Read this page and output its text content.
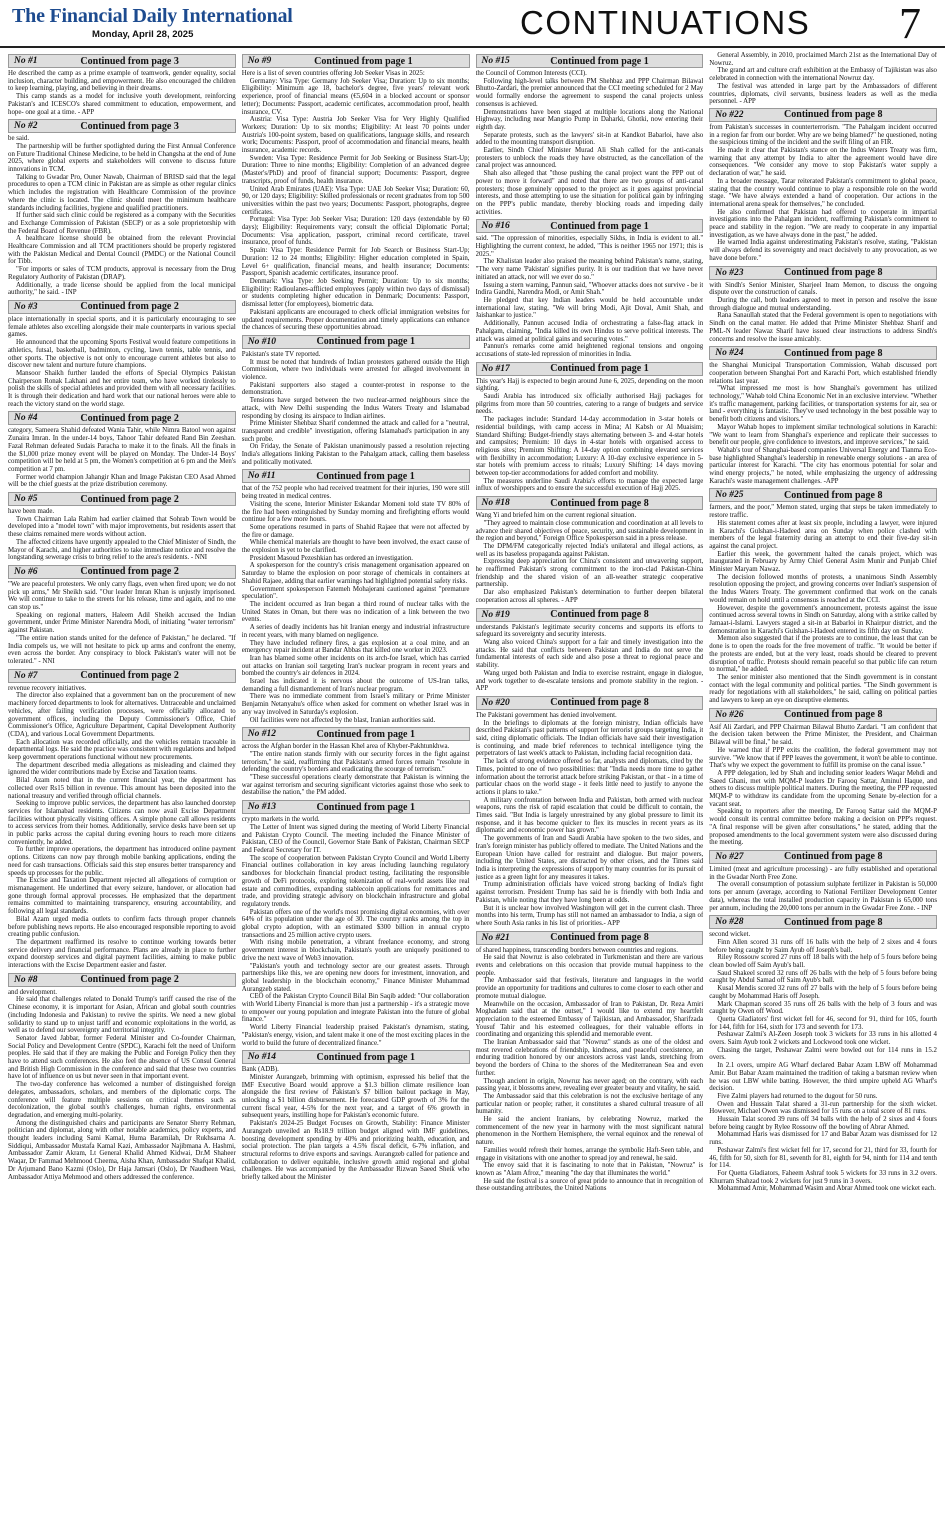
The Financial Daily International
Monday, April 28, 2025	CONTINUATIONS 7
No #1	Continued from page 3

He described the camp as a prime example of teamwork, gender equality, social inclusion, character building, and empowerment. He also encouraged the children to keep learning, playing, and believing in their dreams.

This camp stands as a model for inclusive youth development, reinforcing Pakistan's and ICESCO's shared commitment to education, empowerment, and hope- one goal at a time. - APP

No #2	Continued from page 3

be said.

The partnership will be further spotlighted during the First Annual Conference on Future Traditional Chinese Medicine, to be held in Changsha at the end of June 2025, where global experts and stakeholders will convene to discuss future innovations in TCM.

Talking to Gwadar Pro, Ouner Nawab, Chairman of BRISD said that the legal procedures to open a TCM clinic in Pakistan are as simple as other regular clinics which includes the registration with Healthcare Commission of the province where the clinic is located. The clinic should meet the minimum healthcare standards including facilities, hygiene and qualified practitioners.

If further said such clinic could be registered as a company with the Securities and Exchange Commission of Pakistan (SECP) or as a sole proprietorship with the Federal Board of Revenue (FBR).

A healthcare license should be obtained from the relevant Provincial Healthcare Commission and all TCM practitioners should be properly registered with the Pakistan Medical and Dental Council (PMDC) or the National Council for Tibb.

"For imports or sales of TCM products, approval is necessary from the Drug Regulatory Authority of Pakistan (DRAP).

Additionally, a trade license should be applied from the local municipal authority," he said. - INP

No #3	Continued from page 2

place internationally in special sports, and it is particularly encouraging to see female athletes also excelling alongside their male counterparts in various special games.

He announced that the upcoming Sports Festival would feature competitions in athletics, futsal, basketball, badminton, cycling, lawn tennis, table tennis, and other sports. The objective is not only to encourage current athletes but also to discover new talent and nurture future champions.

Mansoor Shaikh further lauded the efforts of Special Olympics Pakistan Chairperson Ronak Lakhani and her entire team, who have worked tirelessly to polish the skills of special athletes and provided them with all necessary facilities. It is through their dedication and hard work that our national heroes were able to reach the victory stand on the world stage.

No #4	Continued from page 2

category, Sameera Shahid defeated Wania Tahir, while Nimra Batool won against Zunaira Imran. In the under-14 boys, Tahoor Tahir defeated Rand Bin Zeeshan. Fazal Rehman defeated Sudais Paracha to make it to the finals. All the finals in the $1,000 prize money event will be played on Monday. The Under-14 Boys' competition will be held at 5 pm, the Women's competition at 6 pm and the Men's competition at 7 pm.

Former world champion Jahangir Khan and Image Pakistan CEO Asad Ahmed will be the chief guests at the prize distribution ceremony.

No #5	Continued from page 2

have been made.

Town Chairman Lala Rahim had earlier claimed that Sohrab Town would be developed into a "model town" with major improvements, but residents assert that these claims remained mere words without action.

The affected citizens have urgently appealed to the Chief Minister of Sindh, the Mayor of Karachi, and higher authorities to take immediate notice and resolve the longstanding sewerage crisis to bring relief to the area's residents. - NNI

No #6	Continued from page 2

"We are peaceful protesters. We only carry flags, even when fired upon; we do not pick up arms," Mr Sheikh said. "Our leader Imran Khan is unjustly imprisoned. We will continue to take to the streets for his release, time and again, and no one can stop us."

Speaking on regional matters, Haleem Adil Sheikh accused the Indian government, under Prime Minister Narendra Modi, of initiating "water terrorism" against Pakistan.

"The entire nation stands united for the defence of Pakistan," he declared. "If India compels us, we will not hesitate to pick up arms and confront the enemy, even across the border. Any conspiracy to block Pakistan's water will not be tolerated." - NNI

No #7	Continued from page 2

revenue recovery initiatives.

The director also explained that a government ban on the procurement of new machinery forced departments to look for alternatives. Untraceable and unclaimed vehicles, after failing verification processes, were officially allocated to government offices, including the Deputy Commissioner's Office, Chief Commissioner's Office, Agriculture Department, Capital Development Authority (CDA), and various Local Government Departments.

Each allocation was recorded officially, and the vehicles remain traceable in departmental logs. He said the practice was consistent with regulations and helped keep government operations functional without new procurements.

The department described media allegations as misleading and claimed they ignored the wider contributions made by Excise and Taxation teams.

Bilal Azam noted that in the current financial year, the department has collected over Rs15 billion in revenue. This amount has been deposited into the national treasury and verified through official channels.

Seeking to improve public services, the department has also launched doorstep services for Islamabad residents. Citizens can now avail Excise Department facilities without physically visiting offices. A simple phone call allows residents to access services from their homes. Additionally, service desks have been set up in public parks across the capital during evening hours to reach more citizens conveniently, he added.

To further improve operations, the department has introduced online payment options. Citizens can now pay through mobile banking applications, ending the need for cash transactions. Officials said this step ensures better transparency and speeds up processes for the public.

The Excise and Taxation Department rejected all allegations of corruption or mismanagement. He underlined that every seizure, handover, or allocation had gone through formal approval processes. He emphasized that the department remains committed to maintaining transparency, ensuring accountability, and following all legal standards.

Bilal Azam urged media outlets to confirm facts through proper channels before publishing news reports. He also encouraged responsible reporting to avoid creating public confusion.

The department reaffirmed its resolve to continue working towards better service delivery and financial performance. Plans are already in place to further expand doorstep services and digital payment facilities, aiming to make public interactions with the Excise Department easier and faster.

No #8	Continued from page 2

and development.

He said that challenges related to Donald Trump's tariff caused the rise of the Chinese economy, it is important for Asian, African and global south countries (including Indonesia and Pakistan) to revive the spirits. We need a new global solidarity to stand up to unjust tariff and economic exploitations in the world, as well as to defend our sovereignty and territorial integrity.

Senator Javed Jabbar, former Federal Minister and Co-founder Chairman, Social Policy and Development Centre (SPDC), Karachi felt the need of Uniform peoples. He said that if they are making the Public and Foreign Policy then they have to attend such conferences. He also feel the absence of US Consul General and British High Commission in the conference and said that these two countries have lot of influence on us but never seen in that important event.

The two-day conference has welcomed a number of distinguished foreign delegates, ambassadors, scholars, and members of the diplomatic corps. The conference will feature multiple sessions on critical themes such as decolonization, the global south's challenges, human rights, environmental degradation, and emerging multi-polarity.

Among the distinguished chairs and participants are Senator Sherry Rehman, politician and diplomat, along with other notable academics, policy experts, and thought leaders including Sami Kamal, Huma Baramilah, Dr Rukhsarna A. Siddiqui, Ambassador Mustafa Kamal Kazi, Ambassador Najibmana A. Hashmi, Ambassador Zamir Akram, Lt General Khalid Ahmed Kidwai, Dr.M Shaheer Waqar, Dr Fammad Mehmood Cheema, Aisha Khan, Ambassador Shafqat Khalid, Dr Arjumand Bano Kazmi (Oslo), Dr Haja Jamsari (Oslo), Dr Naudheen Wasi, Ambassador Attiya Mehmood and others addressed the conference.

No #9	Continued from page 1

Here is a list of seven countries offering Job Seeker Visas in 2025:

Germany: Visa Type: Germany Job Seeker Visa; Duration: Up to six months; Eligibility: Minimum age 18, bachelor's degree, five years' relevant work experience, proof of financial means (€5,604 in a blocked account or sponsor letter); Documents: Passport, academic certificates, accommodation proof, health insurance, CV.

Austria: Visa Type: Austria Job Seeker Visa for Very Highly Qualified Workers; Duration: Up to six months; Eligibility: At least 70 points under Austria's 100-point system, based on qualifications, language skills, and research work; Documents: Passport, proof of accommodation and financial means, health insurance, academic records.

Sweden: Visa Type: Residence Permit for Job Seeking or Business Start-Up; Duration: Three to nine months; Eligibility: Completion of an advanced degree (Master's/PhD) and proof of financial support; Documents: Passport, degree transcripts, proof of funds, health insurance.

United Arab Emirates (UAE): Visa Type: UAE Job Seeker Visa; Duration: 60, 90, or 120 days; Eligibility: Skilled professionals or recent graduates from top 500 universities within the past two years; Documents: Passport, photographs, degree certificates.

Portugal: Visa Type: Job Seeker Visa; Duration: 120 days (extendable by 60 days); Eligibility: Requirements vary; consult the official Diplomatic Portal; Documents: Visa application, passport, criminal record certificate, travel insurance, proof of funds.

Spain: Visa Type: Residence Permit for Job Search or Business Start-Up; Duration: 12 to 24 months; Eligibility: Higher education completed in Spain, Level 6+ qualification, financial means, and health insurance; Documents: Passport, Spanish academic certificates, insurance proof.

Denmark: Visa Type: Job Seeking Permit; Duration: Up to six months; Eligibility: Radioulanes-afflicted employees (apply within two days of dismissal) or students completing higher education in Denmark; Documents: Passport, dismissal letter (for employees), biometric data.

Pakistani applicants are encouraged to check official immigration websites for updated requirements. Proper documentation and timely applications can enhance the chances of securing these opportunities abroad.

No #10	Continued from page 1

Pakistan's state TV reported.

It must be noted that hundreds of Indian protesters gathered outside the High Commission, where two individuals were arrested for alleged involvement in violence.

Pakistani supporters also staged a counter-protest in response to the demonstration.

Tensions have surged between the two nuclear-armed neighbours since the attack, with New Delhi suspending the Indus Waters Treaty and Islamabad responding by closing its airspace to Indian airlines.

Prime Minister Shehbaz Sharif condemned the attack and called for a "neutral, transparent and credible" investigation, offering Islamabad's participation in any such probe.

On Friday, the Senate of Pakistan unanimously passed a resolution rejecting India's allegations linking Pakistan to the Pahalgam attack, calling them baseless and politically motivated.

No #11	Continued from page 1

that of the 752 people who had received treatment for their injuries, 190 were still being treated in medical centres.

Visiting the scene, Interior Minister Eskandar Momeni told state TV 80% of the fire had been extinguished by Sunday morning and firefighting efforts would continue for a few more hours.

Some operations resumed in parts of Shahid Rajaee that were not affected by the fire or damage.

While chemical materials are thought to have been involved, the exact cause of the explosion is yet to be clarified.

President Masoud Pezeshkian has ordered an investigation.

A spokesperson for the country's crisis management organisation appeared on Saturday to blame the explosion on poor storage of chemicals in containers at Shahid Rajaee, adding that earlier warnings had highlighted potential safety risks.

Government spokesperson Fatemeh Mohajerani cautioned against "premature speculation".

The incident occurred as Iran began a third round of nuclear talks with the United States in Oman, but there was no indication of a link between the two events.

A series of deadly incidents has hit Iranian energy and industrial infrastructure in recent years, with many blamed on negligence.

They have included refinery fires, a gas explosion at a coal mine, and an emergency repair incident at Bandar Abbas that killed one worker in 2023.

Iran has blamed some other incidents on its arch-foe Israel, which has carried out attacks on Iranian soil targeting Iran's nuclear program in recent years and bombed the country's air defences in 2024.

Israel has indicated it is nervous about the outcome of US-Iran talks, demanding a full dismantlement of Iran's nuclear program.

There was no immediate comment from Israel's military or Prime Minister Benjamin Netanyahu's office when asked for comment on whether Israel was in any way involved in Saturday's explosion.

Oil facilities were not affected by the blast, Iranian authorities said.

No #12	Continued from page 1

across the Afghan border in the Hassan Khel area of Khyber-Pakhtunkhwa.

"The entire nation stands firmly with our security forces in the fight against terrorism," he said, reaffirming that Pakistan's armed forces remain "resolute in defending the country's borders and eradicating the scourge of terrorism."

"These successful operations clearly demonstrate that Pakistan is winning the war against terrorism and securing significant victories against those who seek to destabilise the nation," the PM added.

No #13	Continued from page 1

crypto markets in the world.

The Letter of Intent was signed during the meeting of World Liberty Financial and Pakistan Crypto Council. The meeting included the Finance Minister of Pakistan, CEO of the Council, Governor State Bank of Pakistan, Chairman SECP and Federal Secretary for IT.

The scope of cooperation between Pakistan Crypto Council and World Liberty Financial outlines collaboration in key areas including launching regulatory sandboxes for blockchain financial product testing, facilitating the responsible growth of DeFi protocols, exploring tokenization of real-world assets like real estate and commodities, expanding stablecoin applications for remittances and trade, and providing strategic advisory on blockchain infrastructure and global regulatory trends.

Pakistan offers one of the world's most promising digital economies, with over 64% of its population under the age of 30. The country ranks among the top in global crypto adoption, with an estimated $300 billion in annual crypto transactions and 25 million active crypto users.

With rising mobile penetration, a vibrant freelance economy, and strong government interest in blockchain, Pakistan's youth are uniquely positioned to drive the next wave of Web3 innovation.

"Pakistan's youth and technology sector are our greatest assets. Through partnerships like this, we are opening new doors for investment, innovation, and global leadership in the blockchain economy," Finance Minister Muhammad Aurangzeb stated.

CEO of the Pakistan Crypto Council Bilal Bin Saqib added: "Our collaboration with World Liberty Financial is more than just a partnership - it's a strategic move to empower our young population and integrate Pakistan into the future of global finance."

World Liberty Financial leadership praised Pakistan's dynamism, stating, "Pakistan's energy, vision, and talent make it one of the most exciting places in the world to build the future of decentralized finance."

No #14	Continued from page 1

Bank (ADB).

Minister Aurangzeb, brimming with optimism, expressed his belief that the IMF Executive Board would approve a $1.3 billion climate resilience loan alongside the first review of Pakistan's $7 billion bailout package in May, unlocking a $1 billion disbursement. He forecasted GDP growth of 3% for the current fiscal year, 4-5% for the next year, and a target of 6% growth in subsequent years, instilling hope for Pakistan's economic future.

Pakistan's 2024-25 Budget Focuses on Growth, Stability: Finance Minister Aurangzeb unveiled an Rs18.9 trillion budget aligned with IMF guidelines, boosting development spending by 40% and prioritizing health, education, and social protection. The plan targets a 4.5% fiscal deficit, 6-7% inflation, and structural reforms to drive exports and savings. Aurangzeb called for patience and collaboration to deliver equitable, inclusive growth amid regional and global challenges. He was accompanied by the Ambassador Rizwan Saeed Sheik who briefly talked about the Minister

No #15	Continued from page 1

the Council of Common Interests (CCI).

Following high-level talks between PM Shehbaz and PPP Chairman Bilawal Bhutto-Zardari, the premier announced that the CCI meeting scheduled for 2 May would formally endorse the agreement to suspend the canal projects unless consensus is achieved.

Demonstrations have been staged at multiple locations along the National Highway, including near Mangrio Pump in Daharki, Ghotki, now entering their eighth day.

Separate protests, such as the lawyers' sit-in at Kandkot Babarloi, have also added to the mounting transport disruption.

Earlier, Sindh Chief Minister Murad Ali Shah called for the anti-canals protesters to unblock the roads they have obstructed, as the cancellation of the canal project was announced.

Shah also alleged that "those pushing the canal project want the PPP out of power to move it forward" and noted that there are two groups of anti-canal protesters; those genuinely opposed to the project as it goes against provincial interests, and those attempting to use the situation for political gain by infringing on the PPP's public mandate, thereby blocking roads and impeding daily activities.

No #16	Continued from page 1

said. "The oppression of minorities, especially Sikhs, in India is evident to all." Highlighting the current context, he added, "This is neither 1965 nor 1971; this is 2025."

The Khalistan leader also praised the meaning behind Pakistan's name, stating, "The very name 'Pakistan' signifies purity. It is our tradition that we have never initiated an attack, nor will we ever do so."

Issuing a stern warning, Pannun said, "Whoever attacks does not survive - be it Indira Gandhi, Narendra Modi, or Amit Shah."

He pledged that key Indian leaders would be held accountable under international law, stating, "We will bring Modi, Ajit Doval, Amit Shah, and Jaishankar to justice."

Additionally, Pannun accused India of orchestrating a false-flag attack in Pahalgam, claiming, "India killed its own Hindus to serve political interests. The attack was aimed at political gains and securing votes."

Pannun's remarks come amid heightened regional tensions and ongoing accusations of state-led repression of minorities in India.

No #17	Continued from page 1

This year's Hajj is expected to begin around June 6, 2025, depending on the moon sighting.

Saudi Arabia has introduced six officially authorised Hajj packages for pilgrims from more than 50 countries, catering to a range of budgets and service needs.

The packages include: Standard 14-day accommodation in 3-star hotels or residential buildings, with camp access in Mina; Al Kabsh or Al Muaisim; Standard Shifting: Budget-friendly stays alternating between 3- and 4-star hotels and campsites; Premium: 10 days in 4-star hotels with organised access to religious sites; Premium Shifting: A 14-day option combining elevated services with flexibility in accommodation; Luxury: A 10-day exclusive experience in 5-star hotels with premium access to rituals; Luxury Shifting: 14 days moving between top-tier accommodations for added comfort and mobility.

The measures underline Saudi Arabia's efforts to manage the expected large influx of worshippers and to ensure the successful execution of Hajj 2025.

No #18	Continued from page 8

Wang Yi and briefed him on the current regional situation.

"They agreed to maintain close communication and coordination at all levels to advance their shared objectives of peace, security, and sustainable development in the region and beyond," Foreign Office Spokesperson said in a press release.

The DPM/FM categorically rejected India's unilateral and illegal actions, as well as its baseless propaganda against Pakistan.

Expressing deep appreciation for China's consistent and unwavering support, he reaffirmed Pakistan's strong commitment to the iron-clad Pakistan-China friendship and the shared vision of an all-weather strategic cooperative partnership.

Dar also emphasized Pakistan's determination to further deepen bilateral cooperation across all spheres. - APP

No #19	Continued from page 8

understands Pakistan's legitimate security concerns and supports its efforts to safeguard its sovereignty and security interests.

Wang also voiced China's support for a fair and timely investigation into the attacks. He said that conflicts between Pakistan and India do not serve the fundamental interests of each side and also pose a threat to regional peace and stability.

Wang urged both Pakistan and India to exercise restraint, engage in dialogue, and work together to de-escalate tensions and promote stability in the region. - APP

No #20	Continued from page 8

The Pakistani government has denied involvement.

In the briefings to diplomats at the foreign ministry, Indian officials have described Pakistan's past patterns of support for terrorist groups targeting India, it said, citing diplomatic officials. The Indian officials have said their investigation is continuing, and made brief references to technical intelligence tying the perpetrators of last week's attack to Pakistan, including facial recognition data.

The lack of strong evidence offered so far, analysts and diplomats, cited by the Times, pointed to one of two possibilities: that "India needs more time to gather information about the terrorist attack before striking Pakistan, or that - in a time of particular chaos on the world stage - it feels little need to justify to anyone the actions it plans to take."

A military confrontation between India and Pakistan, both armed with nuclear weapons, runs the risk of rapid escalation that could be difficult to contain, the Times said. "But India is largely unrestrained by any global pressure to limit its response, and it has become quicker to flex its muscles in recent years as its diplomatic and economic power has grown."

The governments of Iran and Saudi Arabia have spoken to the two sides, and Iran's foreign minister has publicly offered to mediate. The United Nations and the European Union have called for restraint and dialogue. But major powers, including the United States, are distracted by other crises, and the Times said India is interpreting the expressions of support by many countries for its pursuit of justice as a green light for any measures it takes.

Trump administration officials have voiced strong backing of India's fight against terrorism. President Trump has said he is friendly with both India and Pakistan, while noting that they have long been at odds.

But it is unclear how involved Washington will get in the current clash. Three months into his term, Trump has still not named an ambassador to India, a sign of where South Asia ranks in his list of priorities.- APP

No #21	Continued from page 8

of shared happiness, transcending borders between countries and regions.

He said that Nowruz is also celebrated in Turkmenistan and there are various events and celebrations on this occasion that provide mutual happiness to the people.

The Ambassador said that festivals, literature and languages in the world provide an opportunity for traditions and cultures to come closer to each other and promote mutual dialogue.

Meanwhile on the occasion, Ambassador of Iran to Pakistan, Dr. Reza Amiri Moghadam said that at the outset," I would like to extend my heartfelt appreciation to the esteemed Embassy of Tajikistan, and Ambassador, Sharifzada Yousuf Tahir and his esteemed colleagues, for their valuable efforts in coordinating and organizing this splendid and memorable event.

The Iranian Ambassador said that "Nowruz" stands as one of the oldest and most revered celebrations of friendship, kindness, and peaceful coexistence, an enduring tradition honored by our ancestors across vast lands, stretching from beyond the borders of China to the shores of the Mediterranean Sea and even further.

Though ancient in origin, Nowruz has never aged; on the contrary, with each passing year, it blossoms anew, revealing ever greater beauty and vitality, he said.

The Ambassador said that this celebration is not the exclusive heritage of any particular nation or people; rather, it constitutes a shared cultural treasure of all humanity.

He said the ancient Iranians, by celebrating Nowruz, marked the commencement of the new year in harmony with the most significant natural phenomenon in the Northern Hemisphere, the vernal equinox and the renewal of nature.

Families would refresh their homes, arrange the symbolic Haft-Seen table, and engage in visitations with one another to spread joy and renewal, he said.

The envoy said that it is fascinating to note that in Pakistan, "Nowruz" is known as "Alam Afroz," meaning "the day that illuminates the world."

He said the festival is a source of great pride to announce that in recognition of these outstanding attributes, the United Nations

General Assembly, in 2010, proclaimed March 21st as the International Day of Nowruz.

The grand art and culture craft exhibition at the Embassy of Tajikistan was also celebrated in connection with the international Nowruz day.

The festival was attended in large part by the Ambassadors of different countries, diplomats, civil servants, business leaders as well as the media personnel. - APP

No #22	Continued from page 8

from Pakistan's successes in counterterrorism. "The Pahalgam incident occurred in a region far from our border. Why are we being blamed?" he questioned, noting the suspicious timing of the incident and the swift filing of an FIR.

He made it clear that Pakistan's stance on the Indus Waters Treaty was firm, warning that any attempt by India to alter the agreement would have dire consequences. "We consider any move to stop Pakistan's water supply a declaration of war," he said.

In a broader message, Tarar reiterated Pakistan's commitment to global peace, stating that the country would continue to play a responsible role on the world stage. "We have always extended a hand of cooperation. Our actions in the international arena speak for themselves," he concluded.

He also confirmed that Pakistan had offered to cooperate in impartial investigations into the Pahalgam incident, reaffirming Pakistan's commitment to peace and stability in the region. "We are ready to cooperate in any impartial investigation, as we have always done in the past," he added.

He warned India against underestimating Pakistan's resolve, stating, "Pakistan will always defend its sovereignty and react decisively to any provocation, as we have done before."

No #23	Continued from page 8

with Sindh's Senior Minister, Sharjeel Inam Memon, to discuss the ongoing dispute over the construction of canals.

During the call, both leaders agreed to meet in person and resolve the issue through dialogue and mutual understanding.

Rana Sanaullah stated that the Federal government is open to negotiations with Sindh on the canal matter. He added that Prime Minister Shehbaz Sharif and PML-N leader Nawaz Sharif have issued clear instructions to address Sindh's concerns and resolve the issue amicably.

No #24	Continued from page 8

the Shanghai Municipal Transportation Commission, Wahab discussed port cooperation between Shanghai Port and Karachi Port, which established friendly relations last year.

"What impressed me most is how Shanghai's government has utilized technology," Wahab told China Economic Net in an exclusive interview. "Whether it's traffic management, parking facilities, or transportation systems for air, sea or land - everything is fantastic. They've used technology in the best possible way to benefit both citizens and visitors."

Mayor Wahab hopes to implement similar technological solutions in Karachi: "We want to learn from Shanghai's experience and replicate their successes to benefit our people, give confidence to investors, and improve services," he said.

Wahab's tour of Shanghai-based companies Universal Energy and Tianma Eco-base highlighted Shanghai's leadership in renewable energy solutions - an area of particular interest for Karachi. "The city has enormous potential for solar and wind energy projects," he noted, while emphasizing the urgency of addressing Karachi's waste management challenges. -APP

No #25	Continued from page 8

farmers, and the poor," Memon stated, urging that steps be taken immediately to restore traffic.

His statement comes after at least six people, including a lawyer, were injured in Karachi's Gulshan-i-Hadeed area on Sunday when police clashed with members of the legal fraternity during an attempt to end their five-day sit-in against the canal project.

Earlier this week, the government halted the canals project, which was inaugurated in February by Army Chief General Asim Munir and Punjab Chief Minister Maryam Nawaz.

The decision followed months of protests, a unanimous Sindh Assembly resolution opposing the project, and growing concerns over Indian's suspension of the Indus Waters Treaty. The government confirmed that work on the canals would remain on hold until a consensus is reached at the CCI.

However, despite the government's announcement, protests against the issue continued across several towns in Sindh on Saturday, along with a strike called by Jamaat-i-Islami. Lawyers staged a sit-in at Babarloi in Khairpur district, and the demonstration in Karachi's Gulshan-i-Hadeed entered its fifth day on Sunday.

Memon also suggested that if the protests are to continue, the least that can be done is to open the roads for the free movement of traffic. "It would be better if the protests are ended, but at the very least, roads should be cleared to prevent disruption of traffic. Protests should remain peaceful so that public life can return to normal," he added.

The senior minister also mentioned that the Sindh government is in constant contact with the legal community and political parties. "The Sindh government is ready for negotiations with all stakeholders," he said, calling on political parties and lawyers to keep an eye on disruptive elements.

No #26	Continued from page 8

Asif Ali Zardari, and PPP Chairman Bilawal Bhutto Zardari. "I am confident that the decision taken between the Prime Minister, the President, and Chairman Bilawal will be final," he said.

He warned that if PPP exits the coalition, the federal government may not survive. "We know that if PPP leaves the government, it won't be able to continue. That's why we expect the government to fulfill its promise on the canal issue."

A PPP delegation, led by Shah and including senior leaders Waqar Mehdi and Saeed Ghani, met with MQM-P leaders Dr Farooq Sattar, Aminul Haque, and others to discuss multiple political matters. During the meeting, the PPP requested MQM-P to withdraw its candidate from the upcoming Senate by-election for a vacant seat.

Speaking to reporters after the meeting, Dr Farooq Sattar said the MQM-P would consult its central committee before making a decision on PPP's request. "A final response will be given after consultations," he stated, adding that the proposed amendments to the local government system were also discussed during the meeting.

No #27	Continued from page 8

Limited (meat and agriculture processing) - are fully established and operational in the Gwadar North Free Zone.

The overall consumption of potassium sulphate fertilizer in Pakistan is 50,000 tons per annum (average, according to National Fertilizer Development Center data), whereas the total installed production capacity in Pakistan is 65,000 tons per annum, including the 20,000 tons per annum in the Gwadar Free Zone. - INP

No #28	Continued from page 8

second wicket.

Finn Allen scored 31 runs off 16 balls with the help of 2 sixes and 4 fours before being caught by Saim Ayub off Joseph's ball.

Riley Rossouw scored 27 runs off 18 balls with the help of 5 fours before being clean bowled off Saim Ayub's ball.

Saud Shakeel scored 32 runs off 26 balls with the help of 5 fours before being caught by Abdul Samad off Saim Ayub's ball.

Kusal Mendis scored 32 runs off 27 balls with the help of 5 fours before being caught by Mohammad Haris off Joseph.

Mark Chapman scored 35 runs off 26 balls with the help of 3 fours and was caught by Owen off Wood.

Quetta Gladiators' first wicket fell for 46, second for 91, third for 105, fourth for 144, fifth for 164, sixth for 173 and seventh for 173.

Peshawar Zalmi's Al-Zeen Joseph took 3 wickets for 33 runs in his allotted 4 overs. Saim Ayub took 2 wickets and Lockwood took one wicket.

Chasing the target, Peshawar Zalmi were bowled out for 114 runs in 15.2 overs.

In 2.1 overs, umpire AG Wharf declared Babar Azam LBW off Mohammad Amir. But Babar Azam maintained the tradition of taking a batsman review when he was out LBW while batting. However, the third umpire upheld AG Wharf's decision.

Five Zalmi players had returned to the dugout for 50 runs.

Owen and Hussain Talat shared a 31-run partnership for the sixth wicket. However, Michael Owen was dismissed for 15 runs on a total score of 81 runs.

Hussain Talat scored 39 runs off 34 balls with the help of 2 sixes and 4 fours before being caught by Rylee Rossouw off the bowling of Abrar Ahmed.

Mohammad Haris was dismissed for 17 and Babar Azam was dismissed for 12 runs.

Peshawar Zalmi's first wicket fell for 17, second for 21, third for 33, fourth for 46, fifth for 50, sixth for 81, seventh for 81, eighth for 94, ninth for 114 and tenth for 114.

For Quetta Gladiators, Faheem Ashraf took 5 wickets for 33 runs in 3.2 overs. Khurram Shahzad took 2 wickets for just 9 runs in 3 overs.

Mohammad Amir, Mohammad Wasim and Abrar Ahmed took one wicket each.
